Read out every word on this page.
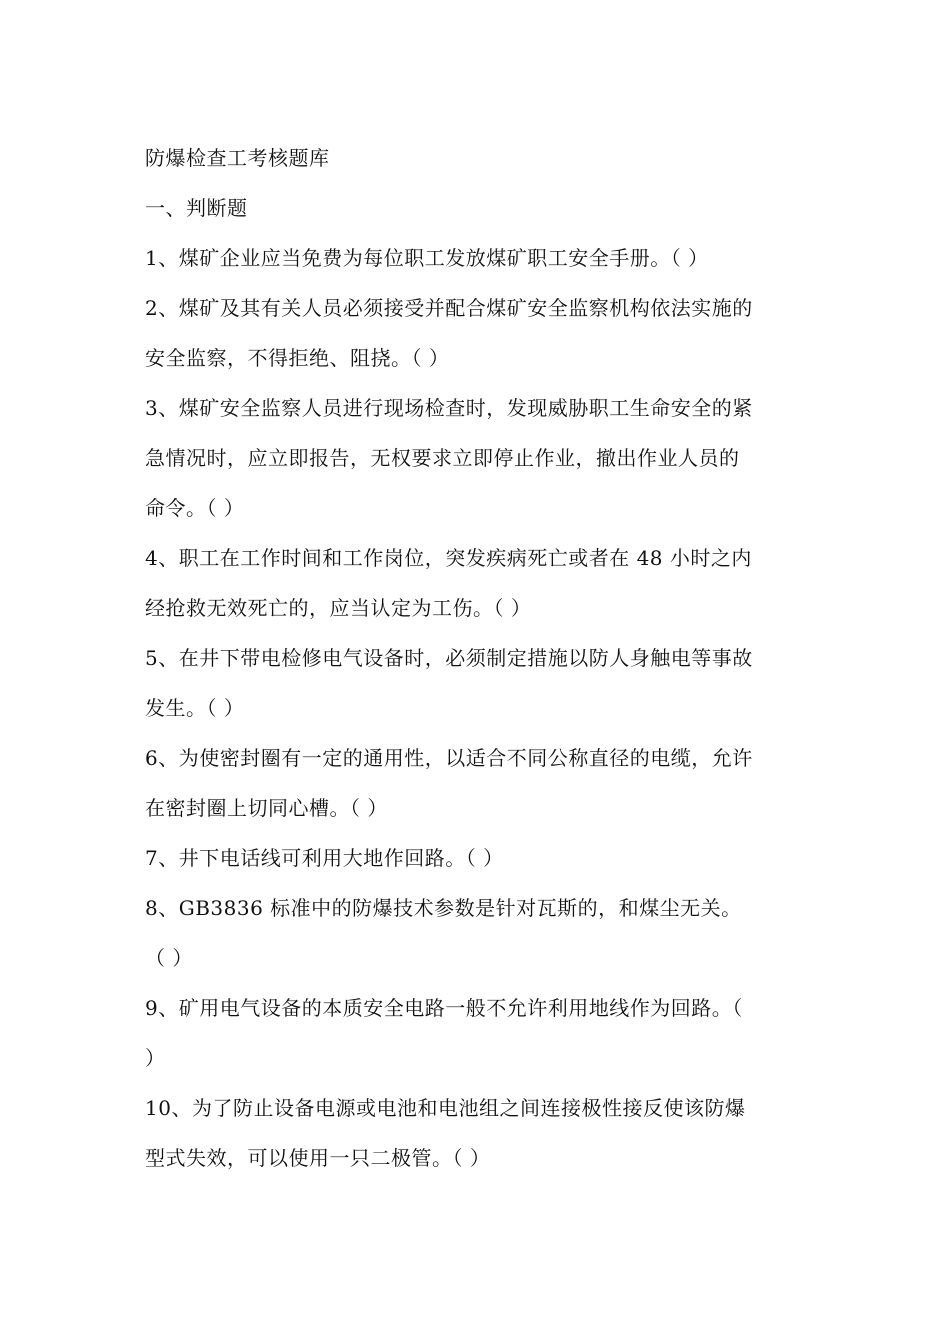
防爆检查工考核题库
一、判断题
1、煤矿企业应当免费为每位职工发放煤矿职工安全手册。（ ）
2、煤矿及其有关人员必须接受并配合煤矿安全监察机构依法实施的
安全监察，不得拒绝、阻挠。（ ）
3、煤矿安全监察人员进行现场检查时，发现威胁职工生命安全的紧
急情况时，应立即报告，无权要求立即停止作业，撤出作业人员的
命令。（ ）
4、职工在工作时间和工作岗位，突发疾病死亡或者在 48 小时之内
经抢救无效死亡的，应当认定为工伤。（ ）
5、在井下带电检修电气设备时，必须制定措施以防人身触电等事故
发生。（ ）
6、为使密封圈有一定的通用性，以适合不同公称直径的电缆，允许
在密封圈上切同心槽。（ ）
7、井下电话线可利用大地作回路。（ ）
8、GB3836 标准中的防爆技术参数是针对瓦斯的，和煤尘无关。
（ ）
9、矿用电气设备的本质安全电路一般不允许利用地线作为回路。（
）
10、为了防止设备电源或电池和电池组之间连接极性接反使该防爆
型式失效，可以使用一只二极管。（ ）
